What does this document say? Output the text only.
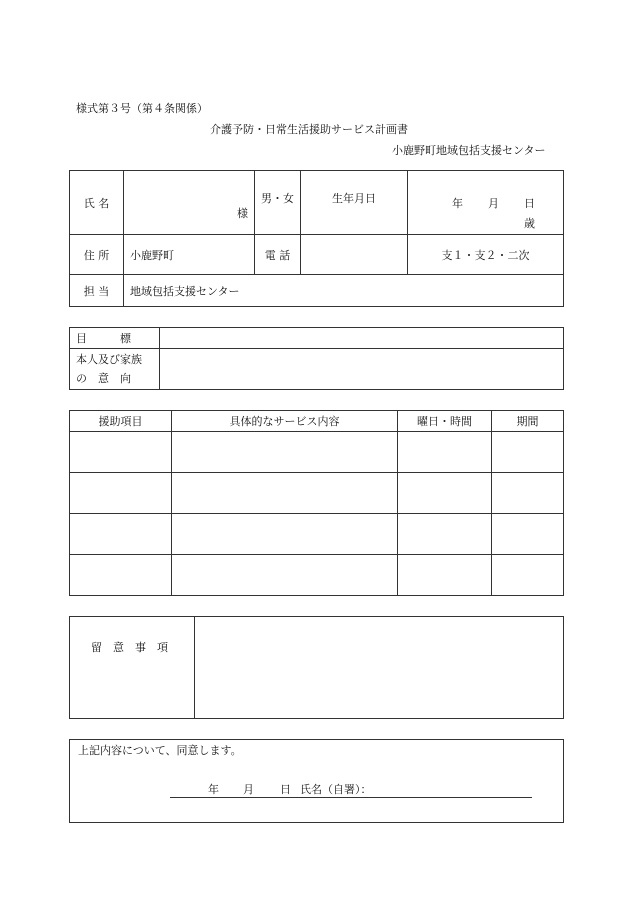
様式第３号（第４条関係）
介護予防・日常生活援助サービス計画書
小鹿野町地域包括支援センター
氏 名	様	男・女	生年月日	年 月 日
歳

住 所	小鹿野町	電 話		支１・支２・二次
担 当	地域包括支援センター			
目　　　標	

本人及び家族
の　意　向	

援助項目	具体的なサービス内容	曜日・時間	期間

留　意　事　項

上記内容について、同意します。
年 月 日 氏名（自署）：
